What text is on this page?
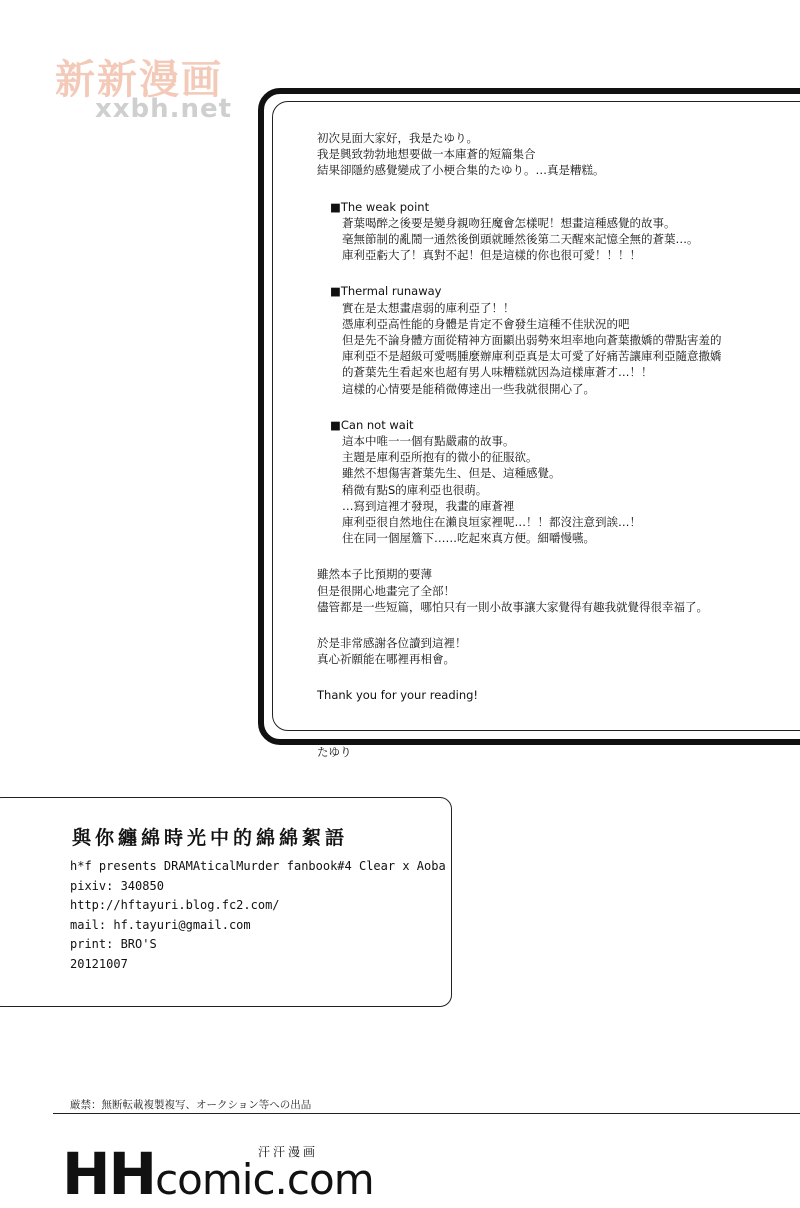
新新漫画
xxbh.net
初次見面大家好，我是たゆり。
我是興致勃勃地想要做一本庫蒼的短篇集合
結果卻隱約感覺變成了小梗合集的たゆり。…真是糟糕。
■The weak point
蒼葉喝醉之後要是變身親吻狂魔會怎樣呢！想畫這種感覺的故事。
毫無節制的亂鬧一通然後倒頭就睡然後第二天醒來記憶全無的蒼葉…。
庫利亞虧大了！真對不起！但是這樣的你也很可愛！！！！
■Thermal runaway
實在是太想畫虐弱的庫利亞了！！
憑庫利亞高性能的身體是肯定不會發生這種不佳狀況的吧
但是先不論身體方面從精神方面顯出弱勢來坦率地向蒼葉撒嬌的帶點害羞的
庫利亞不是超級可愛嗎腫麼辦庫利亞真是太可愛了好痛苦讓庫利亞隨意撒嬌
的蒼葉先生看起來也超有男人味糟糕就因為這樣庫蒼才…！！
這樣的心情要是能稍微傳達出一些我就很開心了。
■Can not wait
這本中唯一一個有點嚴肅的故事。
主題是庫利亞所抱有的微小的征服欲。
雖然不想傷害蒼葉先生、但是、這種感覺。
稍微有點S的庫利亞也很萌。
…寫到這裡才發現，我畫的庫蒼裡
庫利亞很自然地住在瀨良垣家裡呢…！！都沒注意到誒…！
住在同一個屋簷下……吃起來真方便。細嚼慢嚥。
雖然本子比預期的要薄
但是很開心地畫完了全部！
儘管都是一些短篇，哪怕只有一則小故事讓大家覺得有趣我就覺得很幸福了。
於是非常感謝各位讀到這裡！
真心祈願能在哪裡再相會。
Thank you for your reading!
たゆり
與你纏綿時光中的綿綿絮語
h*f presents DRAMAticalMurder fanbook#4 Clear x Aoba
pixiv: 340850
http://hftayuri.blog.fc2.com/
mail: hf.tayuri@gmail.com
print: BRO'S
20121007
厳禁：無断転載複製複写、オークション等への出品
HHcomic.com
汗汗漫画
